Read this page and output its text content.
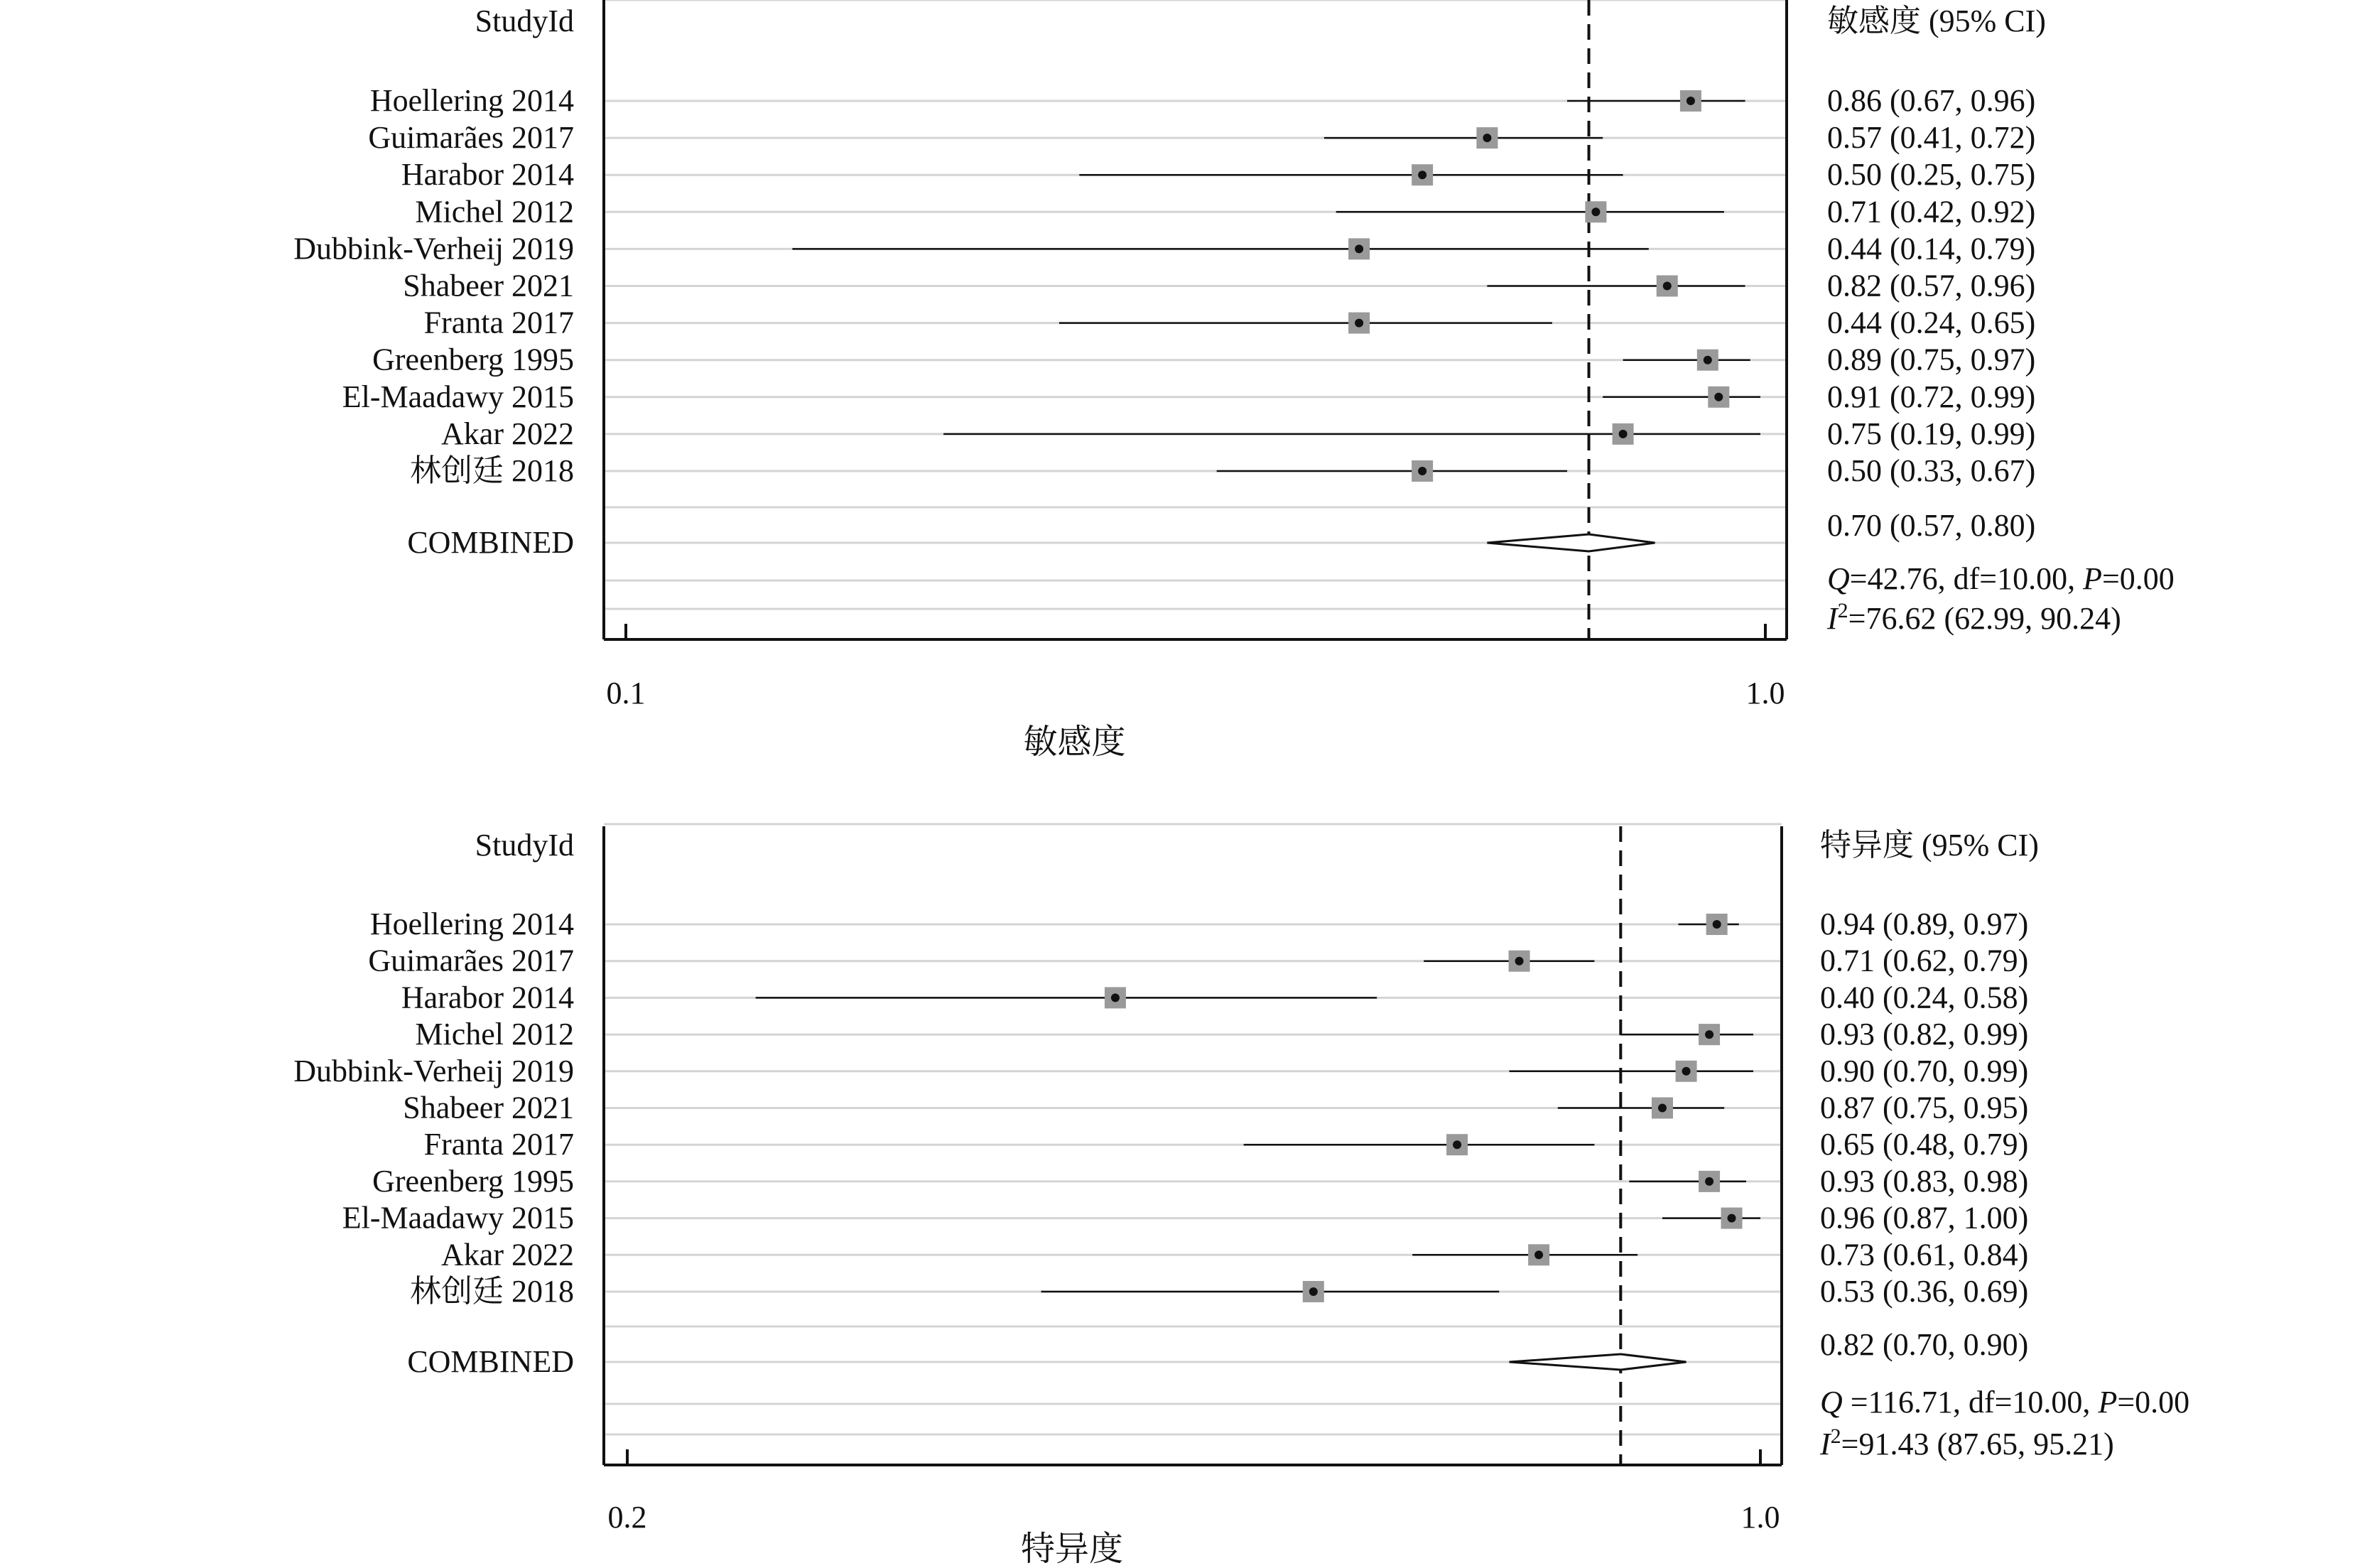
0.1	1.0
敏感度
StudyId	敏感度 (95% CI)
Hoellering 2014	0.86 (0.67, 0.96)
Guimarães 2017	0.57 (0.41, 0.72)
Harabor 2014	0.50 (0.25, 0.75)
Michel 2012	0.71 (0.42, 0.92)
Dubbink-Verheij 2019	0.44 (0.14, 0.79)
Shabeer 2021	0.82 (0.57, 0.96)
Franta 2017	0.44 (0.24, 0.65)
Greenberg 1995	0.89 (0.75, 0.97)
El-Maadawy 2015	0.91 (0.72, 0.99)
Akar 2022	0.75 (0.19, 0.99)
林创廷 2018	0.50 (0.33, 0.67)
COMBINED	0.70 (0.57, 0.80)
Q=42.76, df=10.00, P=0.00
$I^2=76.62$ (62.99, 90.24)
0.2	1.0
特异度
StudyId	特异度 (95% CI)
Hoellering 2014	0.94 (0.89, 0.97)
Guimarães 2017	0.71 (0.62, 0.79)
Harabor 2014	0.40 (0.24, 0.58)
Michel 2012	0.93 (0.82, 0.99)
Dubbink-Verheij 2019	0.90 (0.70, 0.99)
Shabeer 2021	0.87 (0.75, 0.95)
Franta 2017	0.65 (0.48, 0.79)
Greenberg 1995	0.93 (0.83, 0.98)
El-Maadawy 2015	0.96 (0.87, 1.00)
Akar 2022	0.73 (0.61, 0.84)
林创廷 2018	0.53 (0.36, 0.69)
COMBINED	0.82 (0.70, 0.90)
Q =116.71, df=10.00, P=0.00
$I^2=91.43$ (87.65, 95.21)
